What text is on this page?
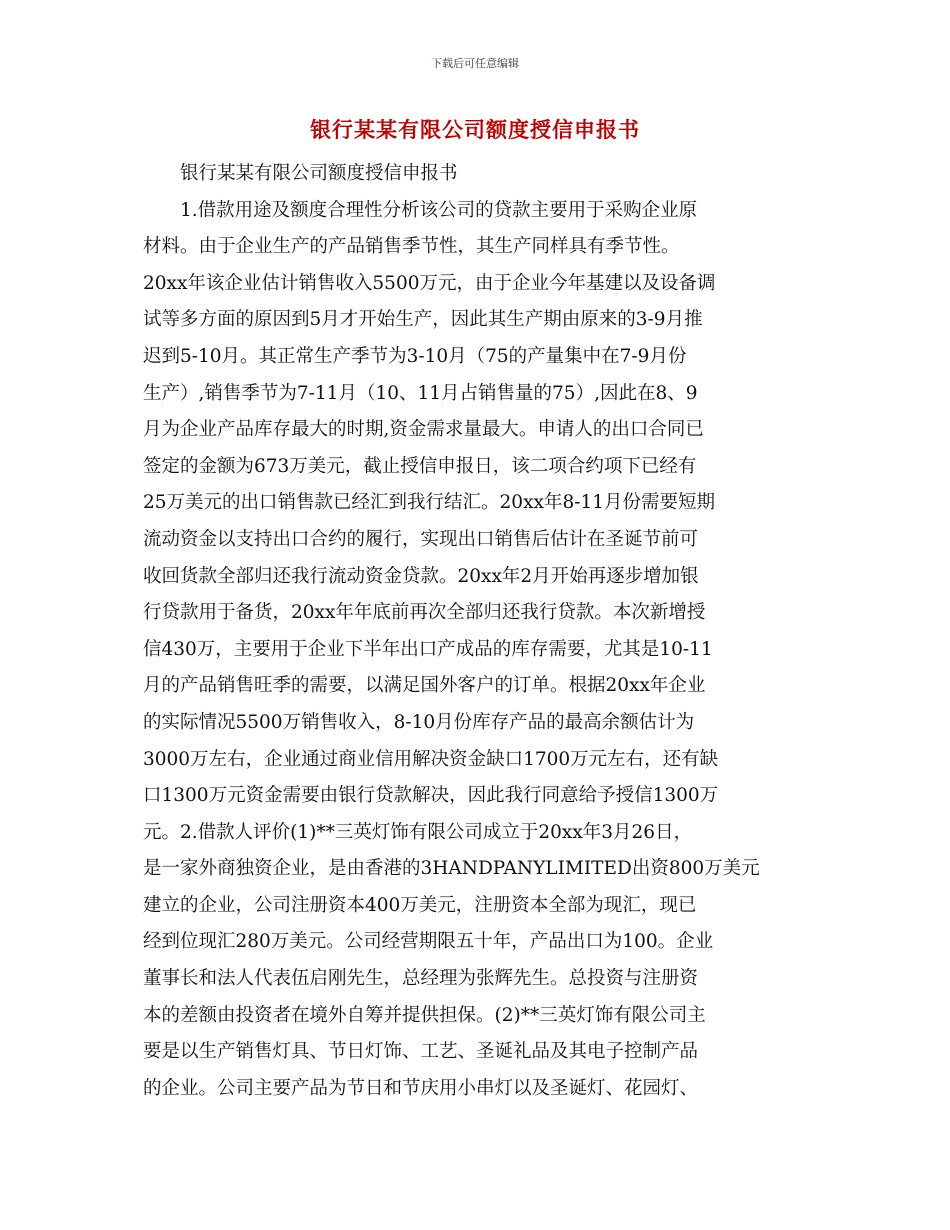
下载后可任意编辑
银行某某有限公司额度授信申报书
银行某某有限公司额度授信申报书
1.借款用途及额度合理性分析该公司的贷款主要用于采购企业原
材料。由于企业生产的产品销售季节性，其生产同样具有季节性。
20xx年该企业估计销售收入5500万元，由于企业今年基建以及设备调
试等多方面的原因到5月才开始生产，因此其生产期由原来的3-9月推
迟到5-10月。其正常生产季节为3-10月（75的产量集中在7-9月份
生产）,销售季节为7-11月（10、11月占销售量的75）,因此在8、9
月为企业产品库存最大的时期,资金需求量最大。申请人的出口合同已
签定的金额为673万美元，截止授信申报日，该二项合约项下已经有
25万美元的出口销售款已经汇到我行结汇。20xx年8-11月份需要短期
流动资金以支持出口合约的履行，实现出口销售后估计在圣诞节前可
收回货款全部归还我行流动资金贷款。20xx年2月开始再逐步增加银
行贷款用于备货，20xx年年底前再次全部归还我行贷款。本次新增授
信430万，主要用于企业下半年出口产成品的库存需要，尤其是10-11
月的产品销售旺季的需要，以满足国外客户的订单。根据20xx年企业
的实际情况5500万销售收入，8-10月份库存产品的最高余额估计为
3000万左右，企业通过商业信用解决资金缺口1700万元左右，还有缺
口1300万元资金需要由银行贷款解决，因此我行同意给予授信1300万
元。2.借款人评价(1)**三英灯饰有限公司成立于20xx年3月26日，
是一家外商独资企业，是由香港的3HANDPANYLIMITED出资800万美元
建立的企业，公司注册资本400万美元，注册资本全部为现汇，现已
经到位现汇280万美元。公司经营期限五十年，产品出口为100。企业
董事长和法人代表伍启刚先生，总经理为张辉先生。总投资与注册资
本的差额由投资者在境外自筹并提供担保。(2)**三英灯饰有限公司主
要是以生产销售灯具、节日灯饰、工艺、圣诞礼品及其电子控制产品
的企业。公司主要产品为节日和节庆用小串灯以及圣诞灯、花园灯、
